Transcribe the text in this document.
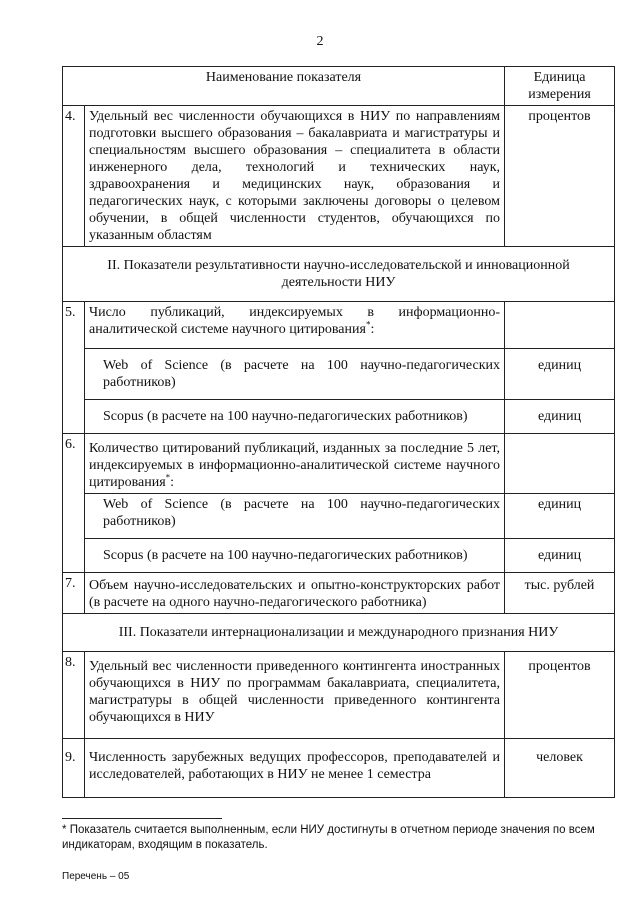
2
Наименование показателя		Единица измерения
4.	Удельный вес численности обучающихся в НИУ по направлениям подготовки высшего образования – бакалавриата и магистратуры и специальностям высшего образования – специалитета в области инженерного дела, технологий и технических наук, здравоохранения и медицинских наук, образования и педагогических наук, с которыми заключены договоры о целевом обучении, в общей численности студентов, обучающихся по указанным областям	процентов
II. Показатели результативности научно-исследовательской и инновационной деятельности НИУ		
5.	Число публикаций, индексируемых в информационно-аналитической системе научного цитирования*:	
	Web of Science (в расчете на 100 научно-педагогических работников)	единиц
	Scopus (в расчете на 100 научно-педагогических работников)	единиц
6.	Количество цитирований публикаций, изданных за последние 5 лет, индексируемых в информационно-аналитической системе научного цитирования*:	
	Web of Science (в расчете на 100 научно-педагогических работников)	единиц
	Scopus (в расчете на 100 научно-педагогических работников)	единиц
7.	Объем научно-исследовательских и опытно-конструкторских работ (в расчете на одного научно-педагогического работника)	тыс. рублей
III. Показатели интернационализации и международного признания НИУ		
8.	Удельный вес численности приведенного контингента иностранных обучающихся в НИУ по программам бакалавриата, специалитета, магистратуры в общей численности приведенного контингента обучающихся в НИУ	процентов
9.	Численность зарубежных ведущих профессоров, преподавателей и исследователей, работающих в НИУ не менее 1 семестра	человек
* Показатель считается выполненным, если НИУ достигнуты в отчетном периоде значения по всем индикаторам, входящим в показатель.
Перечень – 05
